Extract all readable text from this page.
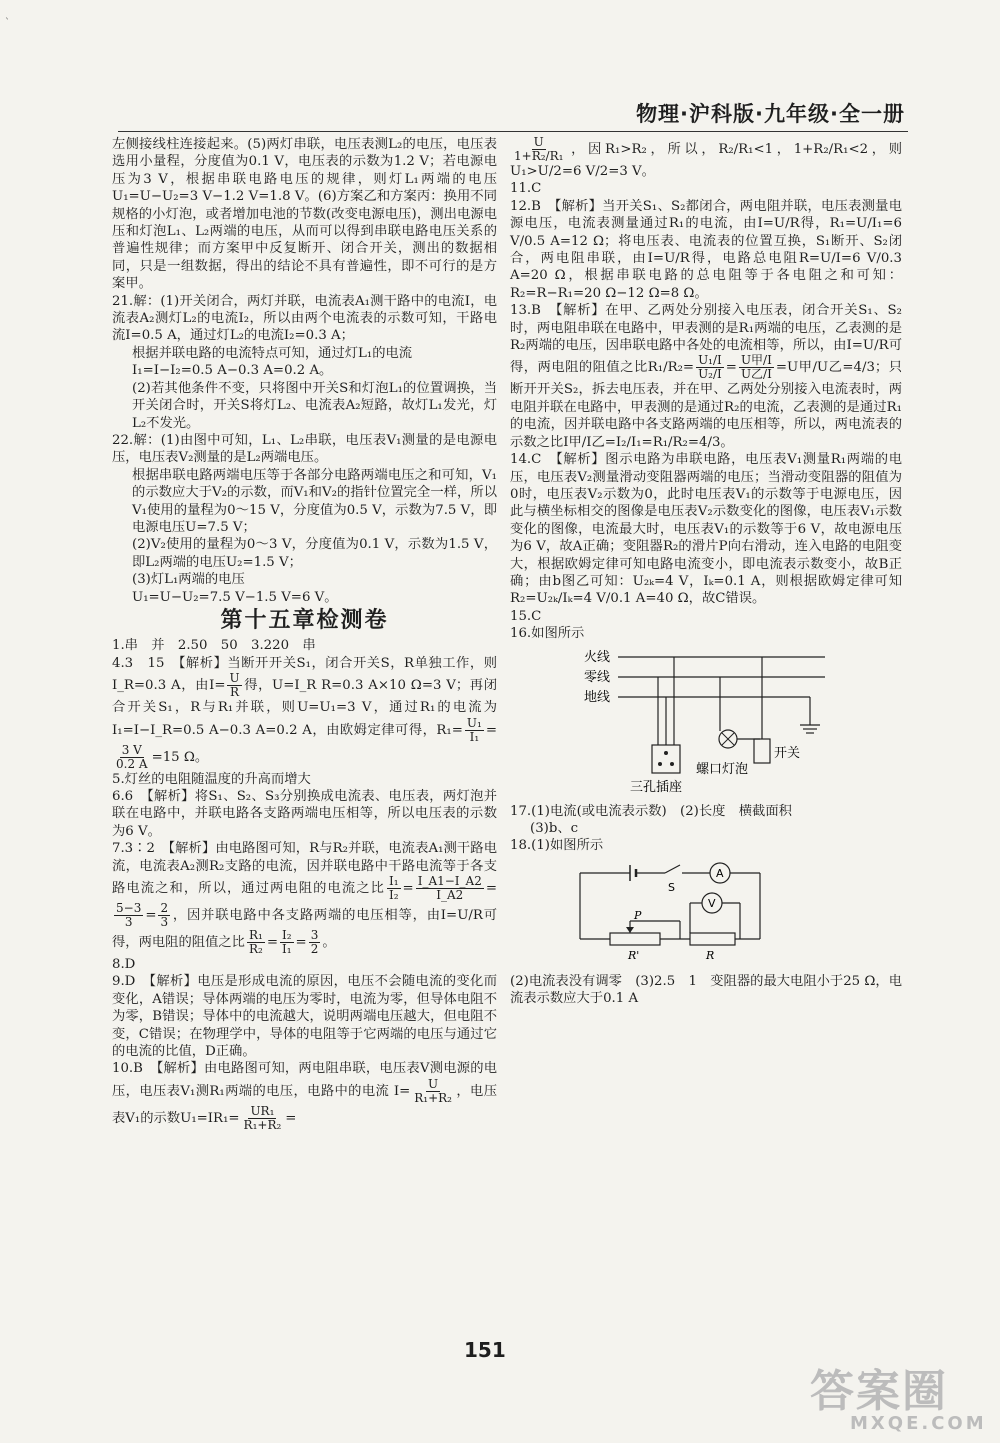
`
物理·沪科版·九年级·全一册

左侧接线柱连接起来。(5)两灯串联，电压表测L₂的电压，电压表选用小量程，分度值为0.1 V，电压表的示数为1.2 V；若电源电压为3 V，根据串联电路电压的规律，则灯L₁两端的电压U₁=U−U₂=3 V−1.2 V=1.8 V。(6)方案乙和方案丙：换用不同规格的小灯泡，或者增加电池的节数(改变电源电压)，测出电源电压和灯泡L₁、L₂两端的电压，从而可以得到串联电路电压关系的普遍性规律；而方案甲中反复断开、闭合开关，测出的数据相同，只是一组数据，得出的结论不具有普遍性，即不可行的是方案甲。

21.解：(1)开关闭合，两灯并联，电流表A₁测干路中的电流I，电流表A₂测灯L₂的电流I₂，所以由两个电流表的示数可知，干路电流I=0.5 A，通过灯L₂的电流I₂=0.3 A；

根据并联电路的电流特点可知，通过灯L₁的电流

I₁=I−I₂=0.5 A−0.3 A=0.2 A。

(2)若其他条件不变，只将图中开关S和灯泡L₁的位置调换，当开关闭合时，开关S将灯L₂、电流表A₂短路，故灯L₁发光，灯L₂不发光。

22.解：(1)由图中可知，L₁、L₂串联，电压表V₁测量的是电源电压，电压表V₂测量的是L₂两端电压。

根据串联电路两端电压等于各部分电路两端电压之和可知，V₁的示数应大于V₂的示数，而V₁和V₂的指针位置完全一样，所以V₁使用的量程为0～15 V，分度值为0.5 V，示数为7.5 V，即电源电压U=7.5 V；

(2)V₂使用的量程为0～3 V，分度值为0.1 V，示数为1.5 V，即L₂两端的电压U₂=1.5 V；

(3)灯L₁两端的电压

U₁=U−U₂=7.5 V−1.5 V=6 V。

第十五章检测卷

1.串　并　2.50　50　3.220　串

4.3　15　【解析】当断开开关S₁，闭合开关S，R单独工作，则I_R=0.3 A，由$I= \frac{U}{R}$ 得，U=I_R R=0.3 A×10 Ω=3 V；再闭合开关S₁，R与R₁并联，则U=U₁=3 V，通过R₁的电流为I₁=I−I_R=0.5 A−0.3 A=0.2 A，由欧姆定律可得，$R_1= \frac{\text{U₁}}{\text{I₁}}$ =
$\frac{3 V}{0.2 A} =15$ Ω。

5.灯丝的电阻随温度的升高而增大

6.6　【解析】将S₁、S₂、S₃分别换成电流表、电压表，两灯泡并联在电路中，并联电路各支路两端电压相等，所以电压表的示数为6 V。

7.3∶2　【解析】由电路图可知，R与R₂并联，电流表A₁测干路电流，电流表A₂测R₂支路的电流，因并联电路中干路电流等于各支路电流之和，所以，通过两电阻的电流之比 $\frac{\text{I₁}}{\text{I₂}} = \frac{I\_A1-I\_A2}{I\_A2}$ =
$\frac{5-3}{3} = \frac{2}{3}$ ，因并联电路中各支路两端的电压相等，由I=U/R可得，两电阻的阻值之比 $\frac{\text{R₁}}{\text{R₂}} = \frac{\text{I₂}}{\text{I₁}} = \frac{3}{2}$ 。

8.D

9.D　【解析】电压是形成电流的原因，电压不会随电流的变化而变化，A错误；导体两端的电压为零时，电流为零，但导体电阻不为零，B错误；导体中的电流越大，说明两端电压越大，但电阻不变，C错误；在物理学中，导体的电阻等于它两端的电压与通过它的电流的比值，D正确。

10.B　【解析】由电路图可知，两电阻串联，电压表V测电源的电压，电压表V₁测R₁两端的电压，电路中的电流 $I= \frac{U}{\text{R₁+R₂}}$ ，电压表V₁的示数$U_1=IR_1= \frac{\text{UR₁}}{\text{R₁+R₂}}$ =

$\frac{U}{\text{1+R₂/R₁}}$ ，因R₁>R₂，所以，R₂/R₁<1，1+R₂/R₁<2，则U₁>U/2=6 V/2=3 V。

11.C

12.B　【解析】当开关S₁、S₂都闭合，两电阻并联，电压表测量电源电压，电流表测量通过R₁的电流，由I=U/R得，R₁=U/I₁=6 V/0.5 A=12 Ω；将电压表、电流表的位置互换，S₁断开、S₂闭合，两电阻串联，由I=U/R得，电路总电阻R=U/I=6 V/0.3 A=20 Ω，根据串联电路的总电阻等于各电阻之和可知：R₂=R−R₁=20 Ω−12 Ω=8 Ω。

13.B　【解析】在甲、乙两处分别接入电压表，闭合开关S₁、S₂时，两电阻串联在电路中，甲表测的是R₁两端的电压，乙表测的是R₂两端的电压，因串联电路中各处的电流相等，所以，由I=U/R可得，两电阻的阻值之比$R_1/R_2= \frac{\text{U₁/I}}{\text{U₂/I}} = \frac{\text{U甲/I}}{\text{U乙/I}} =U$甲/U乙=4/3；只断开开关S₂，拆去电压表，并在甲、乙两处分别接入电流表时，两电阻并联在电路中，甲表测的是通过R₂的电流，乙表测的是通过R₁的电流，因并联电路中各支路两端的电压相等，所以，两电流表的示数之比I甲/I乙=I₂/I₁=R₁/R₂=4/3。

14.C　【解析】图示电路为串联电路，电压表V₁测量R₁两端的电压，电压表V₂测量滑动变阻器两端的电压；当滑动变阻器的阻值为0时，电压表V₂示数为0，此时电压表V₁的示数等于电源电压，因此与横坐标相交的图像是电压表V₂示数变化的图像，电压表V₁示数变化的图像，电流最大时，电压表V₁的示数等于6 V，故电源电压为6 V，故A正确；变阻器R₂的滑片P向右滑动，连入电路的电阻变大，根据欧姆定律可知电路电流变小，即电流表示数变小，故B正确；由b图乙可知：U₂ₖ=4 V，Iₖ=0.1 A，则根据欧姆定律可知R₂=U₂ₖ/Iₖ=4 V/0.1 A=40 Ω，故C错误。

15.C

16.如图所示

火线
零线
地线
开关
三孔插座
螺口灯泡

17.(1)电流(或电流表示数)　(2)长度　横截面积

(3)b、c

18.(1)如图所示

S
A
P
R'	R
V

(2)电流表没有调零　(3)2.5　1　变阻器的最大电阻小于25 Ω，电流表示数应大于0.1 A

151
答案圈
MXQE.COM
